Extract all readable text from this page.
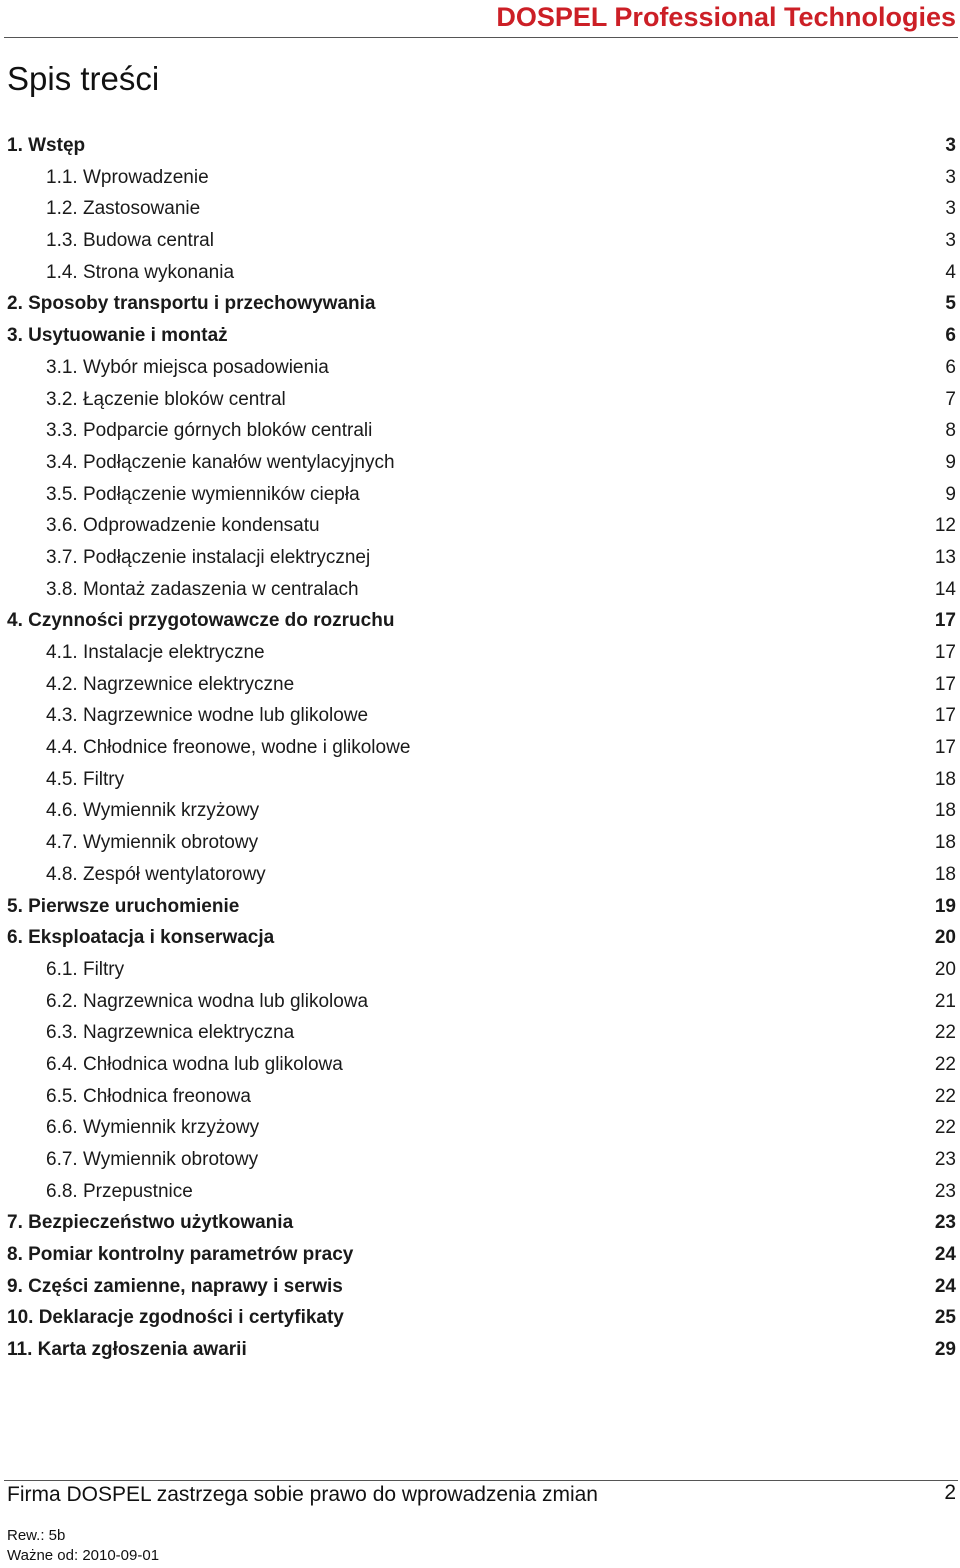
DOSPEL Professional Technologies
Spis treści
1. Wstęp	3
1.1. Wprowadzenie	3
1.2. Zastosowanie	3
1.3. Budowa central	3
1.4. Strona wykonania	4
2. Sposoby transportu i przechowywania	5
3. Usytuowanie i montaż	6
3.1. Wybór miejsca posadowienia	6
3.2. Łączenie bloków central	7
3.3. Podparcie górnych bloków centrali	8
3.4. Podłączenie kanałów wentylacyjnych	9
3.5. Podłączenie wymienników ciepła	9
3.6. Odprowadzenie kondensatu	12
3.7. Podłączenie instalacji elektrycznej	13
3.8. Montaż zadaszenia w centralach	14
4. Czynności przygotowawcze do rozruchu	17
4.1. Instalacje elektryczne	17
4.2. Nagrzewnice elektryczne	17
4.3. Nagrzewnice wodne lub glikolowe	17
4.4. Chłodnice freonowe, wodne i glikolowe	17
4.5. Filtry	18
4.6. Wymiennik krzyżowy	18
4.7. Wymiennik obrotowy	18
4.8. Zespół wentylatorowy	18
5. Pierwsze uruchomienie	19
6. Eksploatacja i konserwacja	20
6.1. Filtry	20
6.2. Nagrzewnica wodna lub glikolowa	21
6.3. Nagrzewnica elektryczna	22
6.4. Chłodnica wodna lub glikolowa	22
6.5. Chłodnica freonowa	22
6.6. Wymiennik krzyżowy	22
6.7. Wymiennik obrotowy	23
6.8. Przepustnice	23
7. Bezpieczeństwo użytkowania	23
8. Pomiar kontrolny parametrów pracy	24
9. Części zamienne, naprawy i serwis	24
10. Deklaracje zgodności i certyfikaty	25
11. Karta zgłoszenia awarii	29
Firma DOSPEL zastrzega sobie prawo do wprowadzenia zmian	2
Rew.: 5b
Ważne od: 2010-09-01
